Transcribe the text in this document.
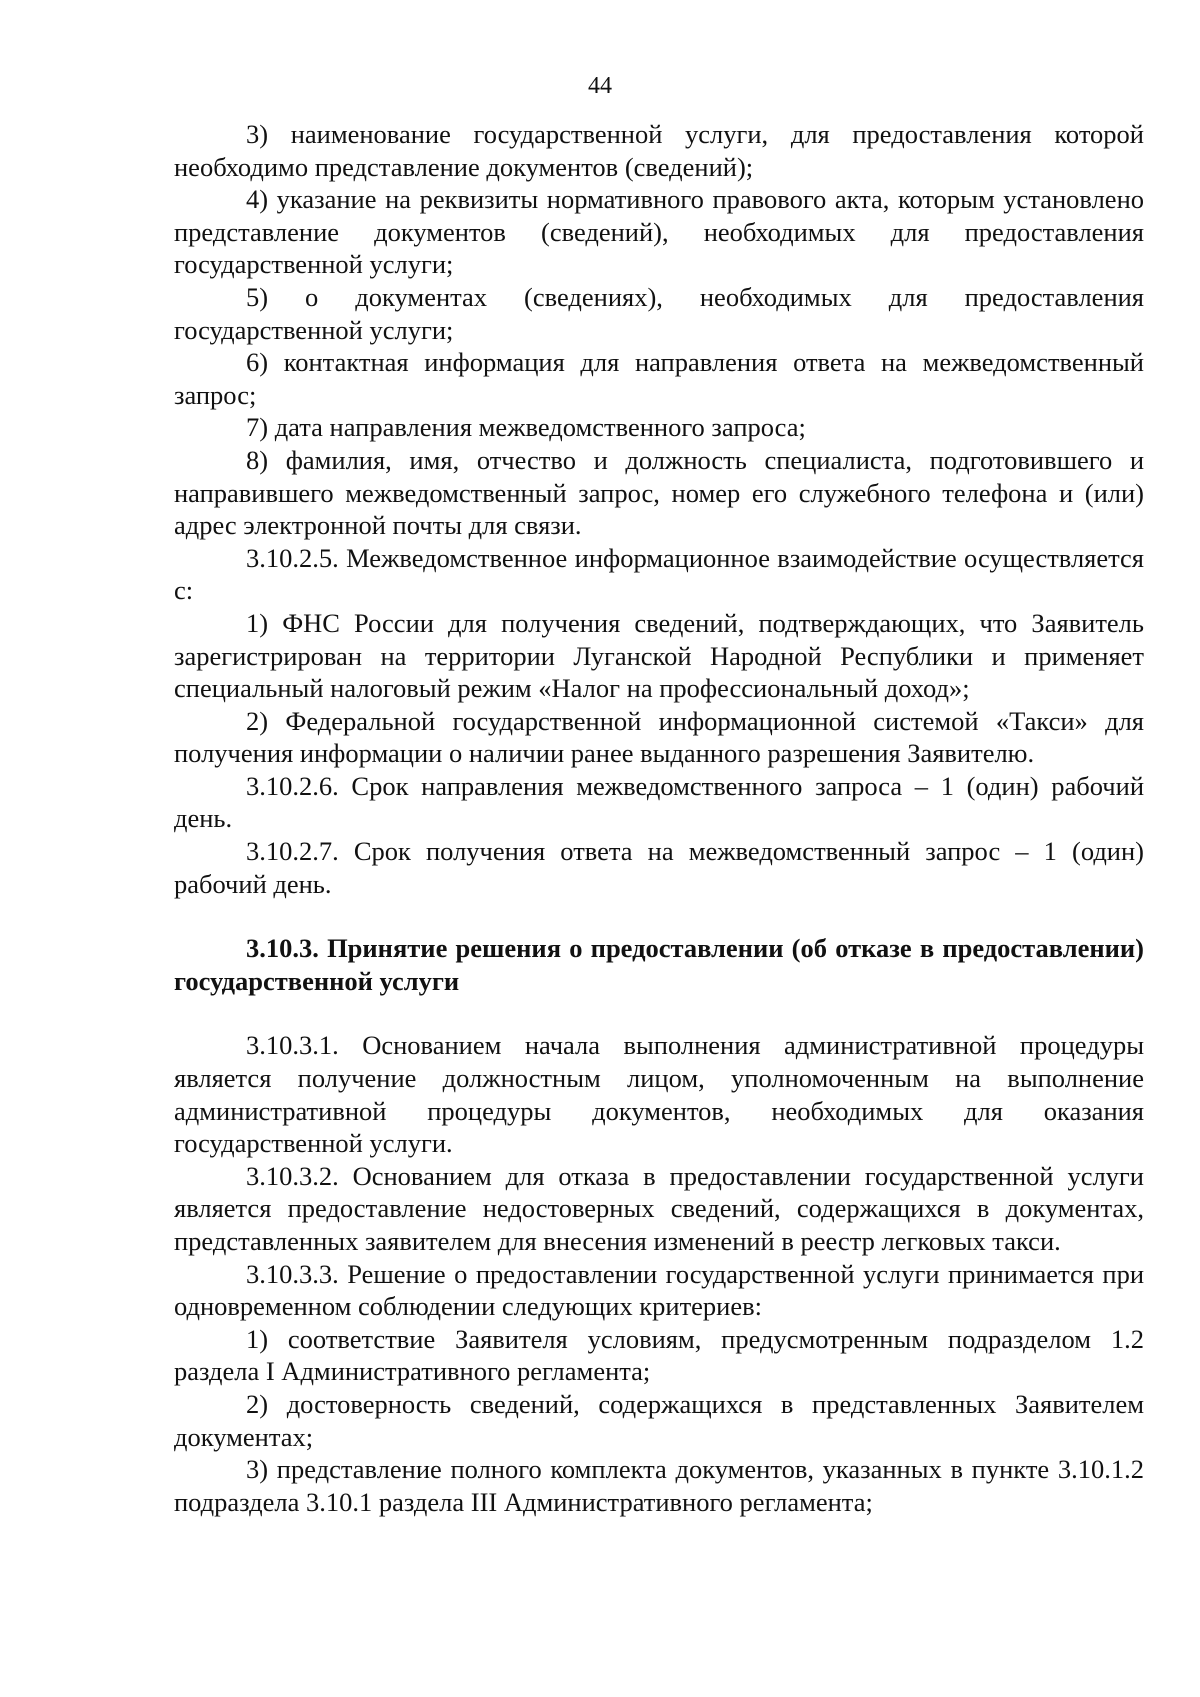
44

3) наименование государственной услуги, для предоставления которой необходимо представление документов (сведений);

4) указание на реквизиты нормативного правового акта, которым установлено представление документов (сведений), необходимых для предоставления государственной услуги;

5) о документах (сведениях), необходимых для предоставления государственной услуги;

6) контактная информация для направления ответа на межведомственный запрос;

7) дата направления межведомственного запроса;

8) фамилия, имя, отчество и должность специалиста, подготовившего и направившего межведомственный запрос, номер его служебного телефона и (или) адрес электронной почты для связи.

3.10.2.5. Межведомственное информационное взаимодействие осуществляется с:

1) ФНС России для получения сведений, подтверждающих, что Заявитель зарегистрирован на территории Луганской Народной Республики и применяет специальный налоговый режим «Налог на профессиональный доход»;

2) Федеральной государственной информационной системой «Такси» для получения информации о наличии ранее выданного разрешения Заявителю.

3.10.2.6. Срок направления межведомственного запроса – 1 (один) рабочий день.

3.10.2.7. Срок получения ответа на межведомственный запрос – 1 (один) рабочий день.

3.10.3. Принятие решения о предоставлении (об отказе в предоставлении) государственной услуги

3.10.3.1. Основанием начала выполнения административной процедуры является получение должностным лицом, уполномоченным на выполнение административной процедуры документов, необходимых для оказания государственной услуги.

3.10.3.2. Основанием для отказа в предоставлении государственной услуги является предоставление недостоверных сведений, содержащихся в документах, представленных заявителем для внесения изменений в реестр легковых такси.

3.10.3.3. Решение о предоставлении государственной услуги принимается при одновременном соблюдении следующих критериев:

1) соответствие Заявителя условиям, предусмотренным подразделом 1.2 раздела I Административного регламента;

2) достоверность сведений, содержащихся в представленных Заявителем документах;

3) представление полного комплекта документов, указанных в пункте 3.10.1.2 подраздела 3.10.1 раздела III Административного регламента;
